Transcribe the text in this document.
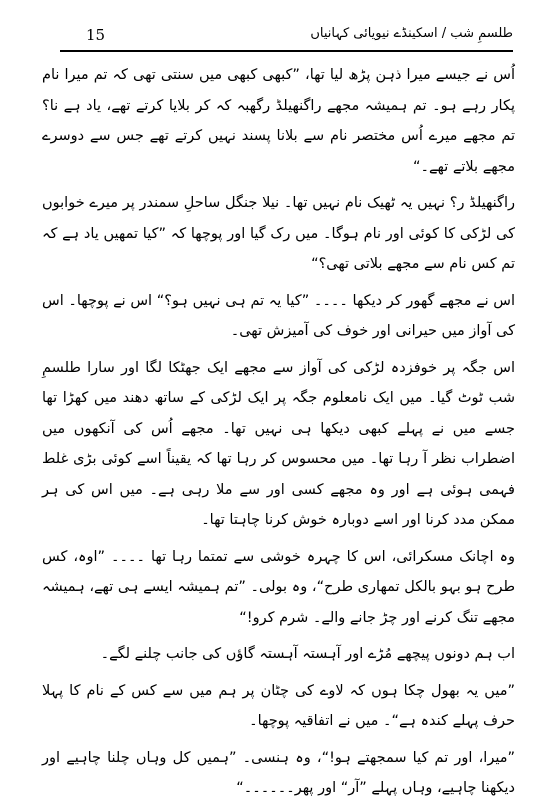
15	طلسمِ شب / اسکینڈے نیویائی کہانیاں

اُس نے جیسے میرا ذہن پڑھ لیا تھا، ”کبھی کبھی میں سنتی تھی کہ تم میرا نام پکار رہے ہو۔ تم ہمیشہ مجھے راگنھیلڈ رگھبہ کہ کر بلایا کرتے تھے، یاد ہے نا؟ تم مجھے میرے اُس مختصر نام سے بلانا پسند نہیں کرتے تھے جس سے دوسرے مجھے بلاتے تھے۔“

راگنھیلڈ ر؟ نہیں یہ ٹھیک نام نہیں تھا۔ نیلا جنگل ساحلِ سمندر پر میرے خوابوں کی لڑکی کا کوئی اور نام ہوگا۔ میں رک گیا اور پوچھا کہ ”کیا تمھیں یاد ہے کہ تم کس نام سے مجھے بلاتی تھی؟“

اس نے مجھے گھور کر دیکھا ۔۔۔۔ ”کیا یہ تم ہی نہیں ہو؟“ اس نے پوچھا۔ اس کی آواز میں حیرانی اور خوف کی آمیزش تھی۔

اس جگہ پر خوفزدہ لڑکی کی آواز سے مجھے ایک جھٹکا لگا اور سارا طلسمِ شب ٹوٹ گیا۔ میں ایک نامعلوم جگہ پر ایک لڑکی کے ساتھ دھند میں کھڑا تھا جسے میں نے پہلے کبھی دیکھا ہی نہیں تھا۔ مجھے اُس کی آنکھوں میں اضطراب نظر آ رہا تھا۔ میں محسوس کر رہا تھا کہ یقیناً اسے کوئی بڑی غلط فہمی ہوئی ہے اور وہ مجھے کسی اور سے ملا رہی ہے۔ میں اس کی ہر ممکن مدد کرنا اور اسے دوبارہ خوش کرنا چاہتا تھا۔

وہ اچانک مسکرائی، اس کا چہرہ خوشی سے تمتما رہا تھا ۔۔۔۔ ”اوہ، کس طرح ہو بہو بالکل تمھاری طرح“، وہ بولی۔ ”تم ہمیشہ ایسے ہی تھے، ہمیشہ مجھے تنگ کرنے اور چڑ جانے والے۔ شرم کرو!“

اب ہم دونوں پیچھے مُڑے اور آہستہ آہستہ گاؤں کی جانب چلنے لگے۔

”میں یہ بھول چکا ہوں کہ لاوے کی چٹان پر ہم میں سے کس کے نام کا پہلا حرف پہلے کندہ ہے“۔ میں نے اتفاقیہ پوچھا۔

”میرا، اور تم کیا سمجھتے ہو!“، وہ ہنسی۔ ”ہمیں کل وہاں چلنا چاہیے اور دیکھنا چاہیے، وہاں پہلے ”آر“ اور پھر۔۔۔۔۔۔“
